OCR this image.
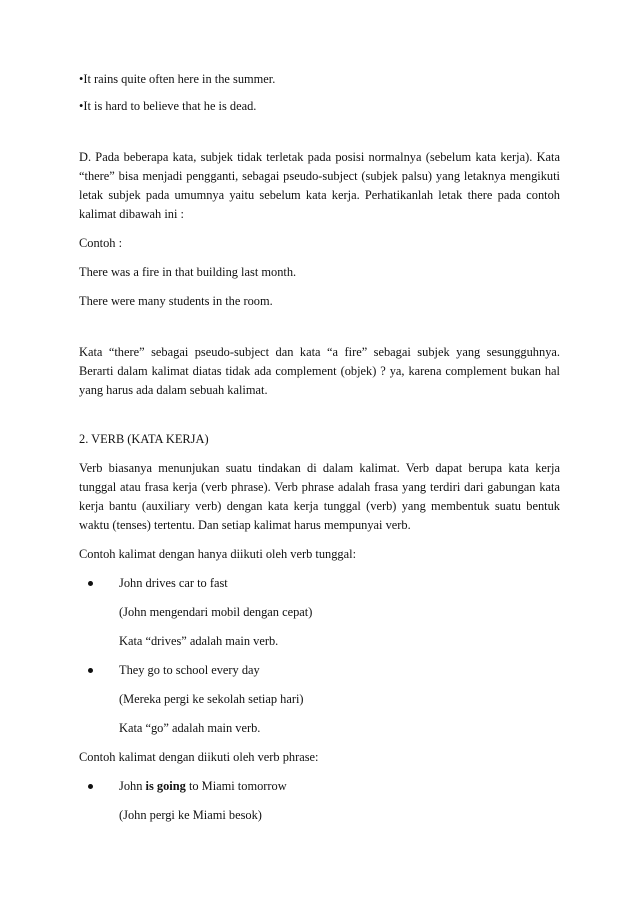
•It rains quite often here in the summer.

•It is hard to believe that he is dead.

D. Pada beberapa kata, subjek tidak terletak pada posisi normalnya (sebelum kata kerja). Kata “there” bisa menjadi pengganti, sebagai pseudo-subject (subjek palsu) yang letaknya mengikuti letak subjek pada umumnya yaitu sebelum kata kerja. Perhatikanlah letak there pada contoh kalimat dibawah ini :

Contoh :

There was a fire in that building last month.

There were many students in the room.

Kata “there” sebagai pseudo-subject dan kata “a fire” sebagai subjek yang sesungguhnya. Berarti dalam kalimat diatas tidak ada complement (objek) ? ya, karena complement bukan hal yang harus ada dalam sebuah kalimat.

2. VERB (KATA KERJA)

Verb biasanya menunjukan suatu tindakan di dalam kalimat. Verb dapat berupa kata kerja tunggal atau frasa kerja (verb phrase). Verb phrase adalah frasa yang terdiri dari gabungan kata kerja bantu (auxiliary verb) dengan kata kerja tunggal (verb) yang membentuk suatu bentuk waktu (tenses) tertentu. Dan setiap kalimat harus mempunyai verb.

Contoh kalimat dengan hanya diikuti oleh verb tunggal:

John drives car to fast

(John mengendari mobil dengan cepat)

Kata “drives” adalah main verb.

They go to school every day

(Mereka pergi ke sekolah setiap hari)

Kata “go” adalah main verb.

Contoh kalimat dengan diikuti oleh verb phrase:

John is going to Miami tomorrow

(John pergi ke Miami besok)
